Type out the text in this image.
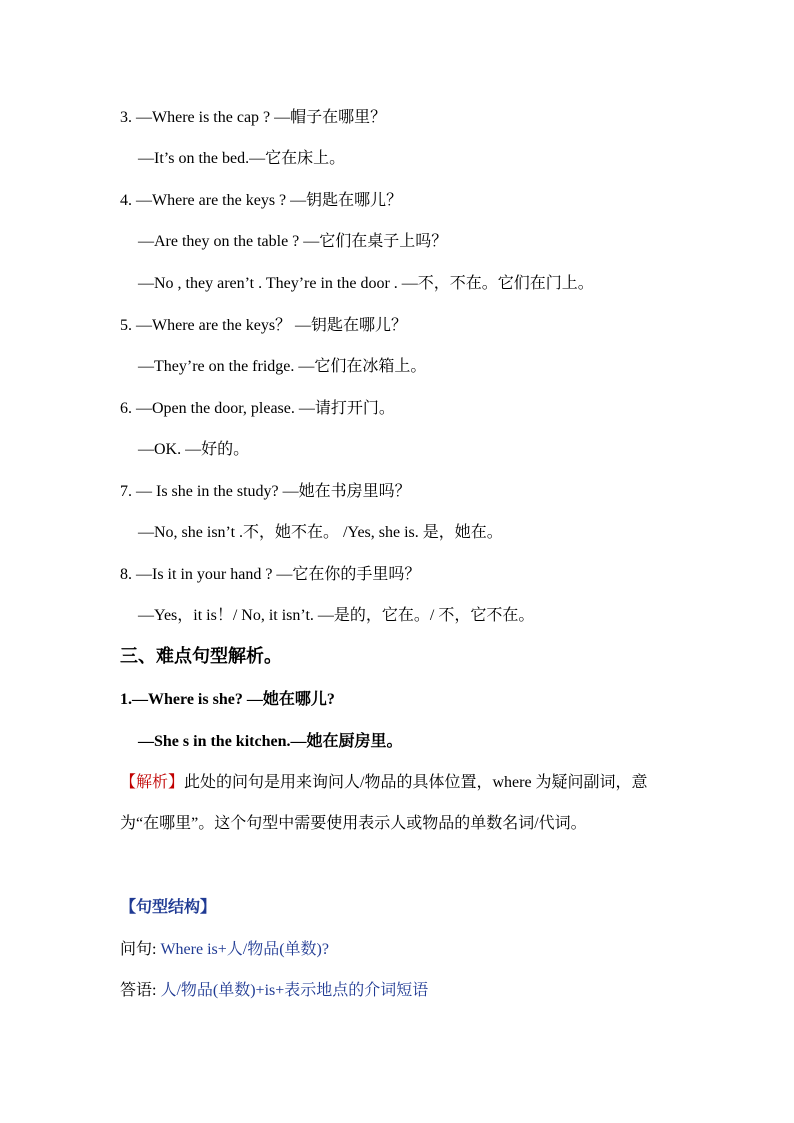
3. —Where is the cap ? —帽子在哪里？
—It’s on the bed.—它在床上。
4. —Where are the keys ? —钥匙在哪儿？
—Are they on the table ? —它们在桌子上吗？
—No , they aren’t . They’re in the door . —不，不在。它们在门上。
5. —Where are the keys？ —钥匙在哪儿？
—They’re on the fridge. —它们在冰箱上。
6. —Open the door, please. —请打开门。
—OK. —好的。
7. — Is she in the study? —她在书房里吗？
—No, she isn’t .不，她不在。 /Yes, she is. 是，她在。
8. —Is it in your hand ? —它在你的手里吗？
—Yes，it is！/ No, it isn’t. —是的，它在。/ 不，它不在。
三、难点句型解析。
1.—Where is she? —她在哪儿?
—She s in the kitchen.—她在厨房里。
【解析】此处的问句是用来询问人/物品的具体位置，where 为疑问副词，意为“在哪里”。这个句型中需要使用表示人或物品的单数名词/代词。
【句型结构】
问句: Where is+人/物品(单数)?
答语: 人/物品(单数)+is+表示地点的介词短语
